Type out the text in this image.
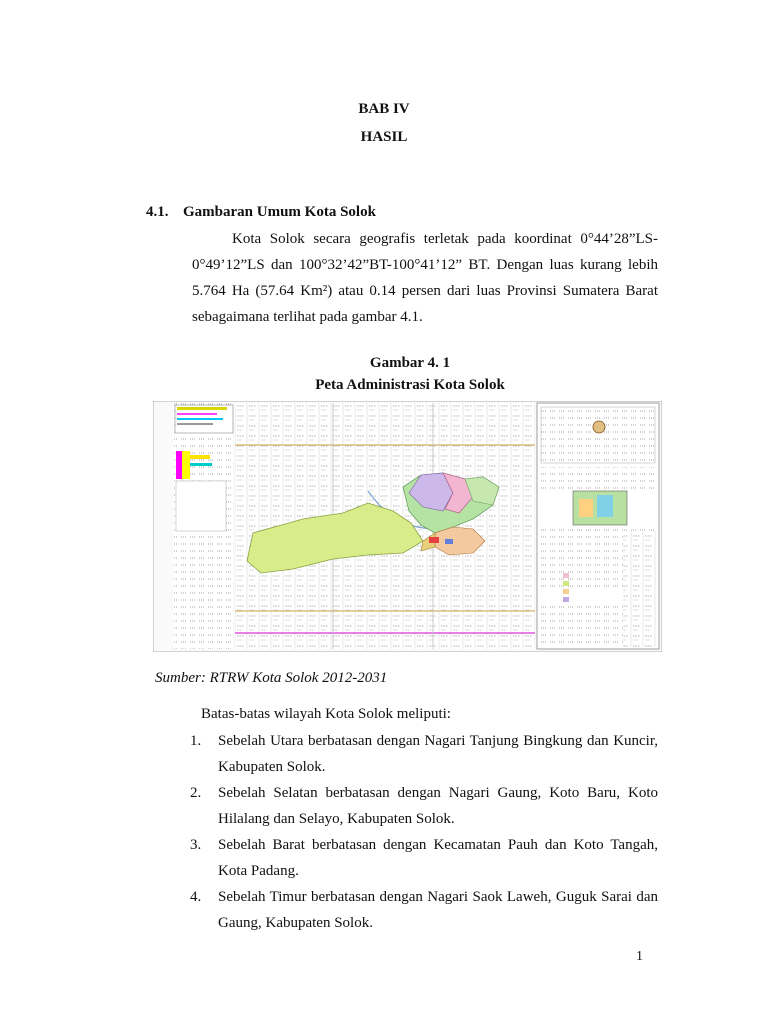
BAB IV
HASIL
4.1. Gambaran Umum Kota Solok
Kota Solok secara geografis terletak pada koordinat 0°44’28”LS-0°49’12”LS dan 100°32’42”BT-100°41’12” BT. Dengan luas kurang lebih 5.764 Ha (57.64 Km²) atau 0.14 persen dari luas Provinsi Sumatera Barat sebagaimana terlihat pada gambar 4.1.
Gambar 4. 1
Peta Administrasi Kota Solok
Sumber: RTRW Kota Solok 2012-2031
Batas-batas wilayah Kota Solok meliputi:
1. Sebelah Utara berbatasan dengan Nagari Tanjung Bingkung dan Kuncir, Kabupaten Solok.
2. Sebelah Selatan berbatasan dengan Nagari Gaung, Koto Baru, Koto Hilalang dan Selayo, Kabupaten Solok.
3. Sebelah Barat berbatasan dengan Kecamatan Pauh dan Koto Tangah, Kota Padang.
4. Sebelah Timur berbatasan dengan Nagari Saok Laweh, Guguk Sarai dan Gaung, Kabupaten Solok.
1
